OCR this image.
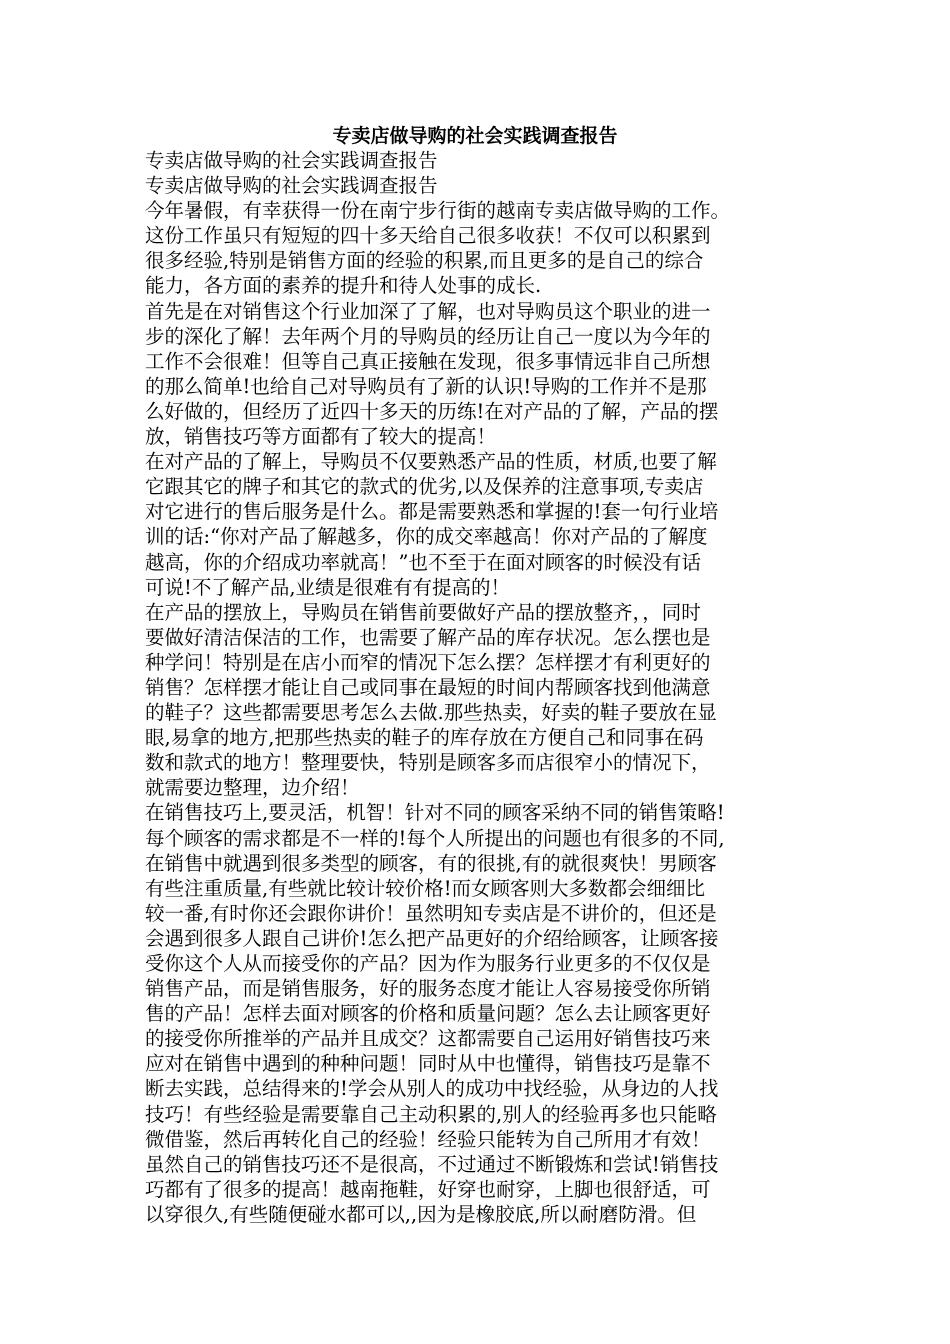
专卖店做导购的社会实践调查报告
专卖店做导购的社会实践调查报告
专卖店做导购的社会实践调查报告
今年暑假，有幸获得一份在南宁步行街的越南专卖店做导购的工作。
这份工作虽只有短短的四十多天给自己很多收获！不仅可以积累到
很多经验,特别是销售方面的经验的积累,而且更多的是自己的综合
能力，各方面的素养的提升和待人处事的成长.
首先是在对销售这个行业加深了了解，也对导购员这个职业的进一
步的深化了解！去年两个月的导购员的经历让自己一度以为今年的
工作不会很难！但等自己真正接触在发现，很多事情远非自己所想
的那么简单!也给自己对导购员有了新的认识!导购的工作并不是那
么好做的，但经历了近四十多天的历练!在对产品的了解，产品的摆
放，销售技巧等方面都有了较大的提高！
在对产品的了解上，导购员不仅要熟悉产品的性质，材质,也要了解
它跟其它的牌子和其它的款式的优劣,以及保养的注意事项,专卖店
对它进行的售后服务是什么。都是需要熟悉和掌握的!套一句行业培
训的话:“你对产品了解越多，你的成交率越高！你对产品的了解度
越高，你的介绍成功率就高！”也不至于在面对顾客的时候没有话
可说!不了解产品,业绩是很难有有提高的！
在产品的摆放上，导购员在销售前要做好产品的摆放整齐，，同时
要做好清洁保洁的工作，也需要了解产品的库存状况。怎么摆也是
种学问！特别是在店小而窄的情况下怎么摆？怎样摆才有利更好的
销售？怎样摆才能让自己或同事在最短的时间内帮顾客找到他满意
的鞋子？这些都需要思考怎么去做.那些热卖，好卖的鞋子要放在显
眼,易拿的地方,把那些热卖的鞋子的库存放在方便自己和同事在码
数和款式的地方！整理要快，特别是顾客多而店很窄小的情况下，
就需要边整理，边介绍！
在销售技巧上,要灵活，机智！针对不同的顾客采纳不同的销售策略!
每个顾客的需求都是不一样的!每个人所提出的问题也有很多的不同,
在销售中就遇到很多类型的顾客，有的很挑,有的就很爽快！男顾客
有些注重质量,有些就比较计较价格!而女顾客则大多数都会细细比
较一番,有时你还会跟你讲价！虽然明知专卖店是不讲价的，但还是
会遇到很多人跟自己讲价!怎么把产品更好的介绍给顾客，让顾客接
受你这个人从而接受你的产品？因为作为服务行业更多的不仅仅是
销售产品，而是销售服务，好的服务态度才能让人容易接受你所销
售的产品！怎样去面对顾客的价格和质量问题？怎么去让顾客更好
的接受你所推举的产品并且成交？这都需要自己运用好销售技巧来
应对在销售中遇到的种种问题！同时从中也懂得，销售技巧是靠不
断去实践，总结得来的!学会从别人的成功中找经验，从身边的人找
技巧！有些经验是需要靠自己主动积累的,别人的经验再多也只能略
微借鉴，然后再转化自己的经验！经验只能转为自己所用才有效！
虽然自己的销售技巧还不是很高，不过通过不断锻炼和尝试!销售技
巧都有了很多的提高！越南拖鞋，好穿也耐穿，上脚也很舒适，可
以穿很久,有些随便碰水都可以,,因为是橡胶底,所以耐磨防滑。但
